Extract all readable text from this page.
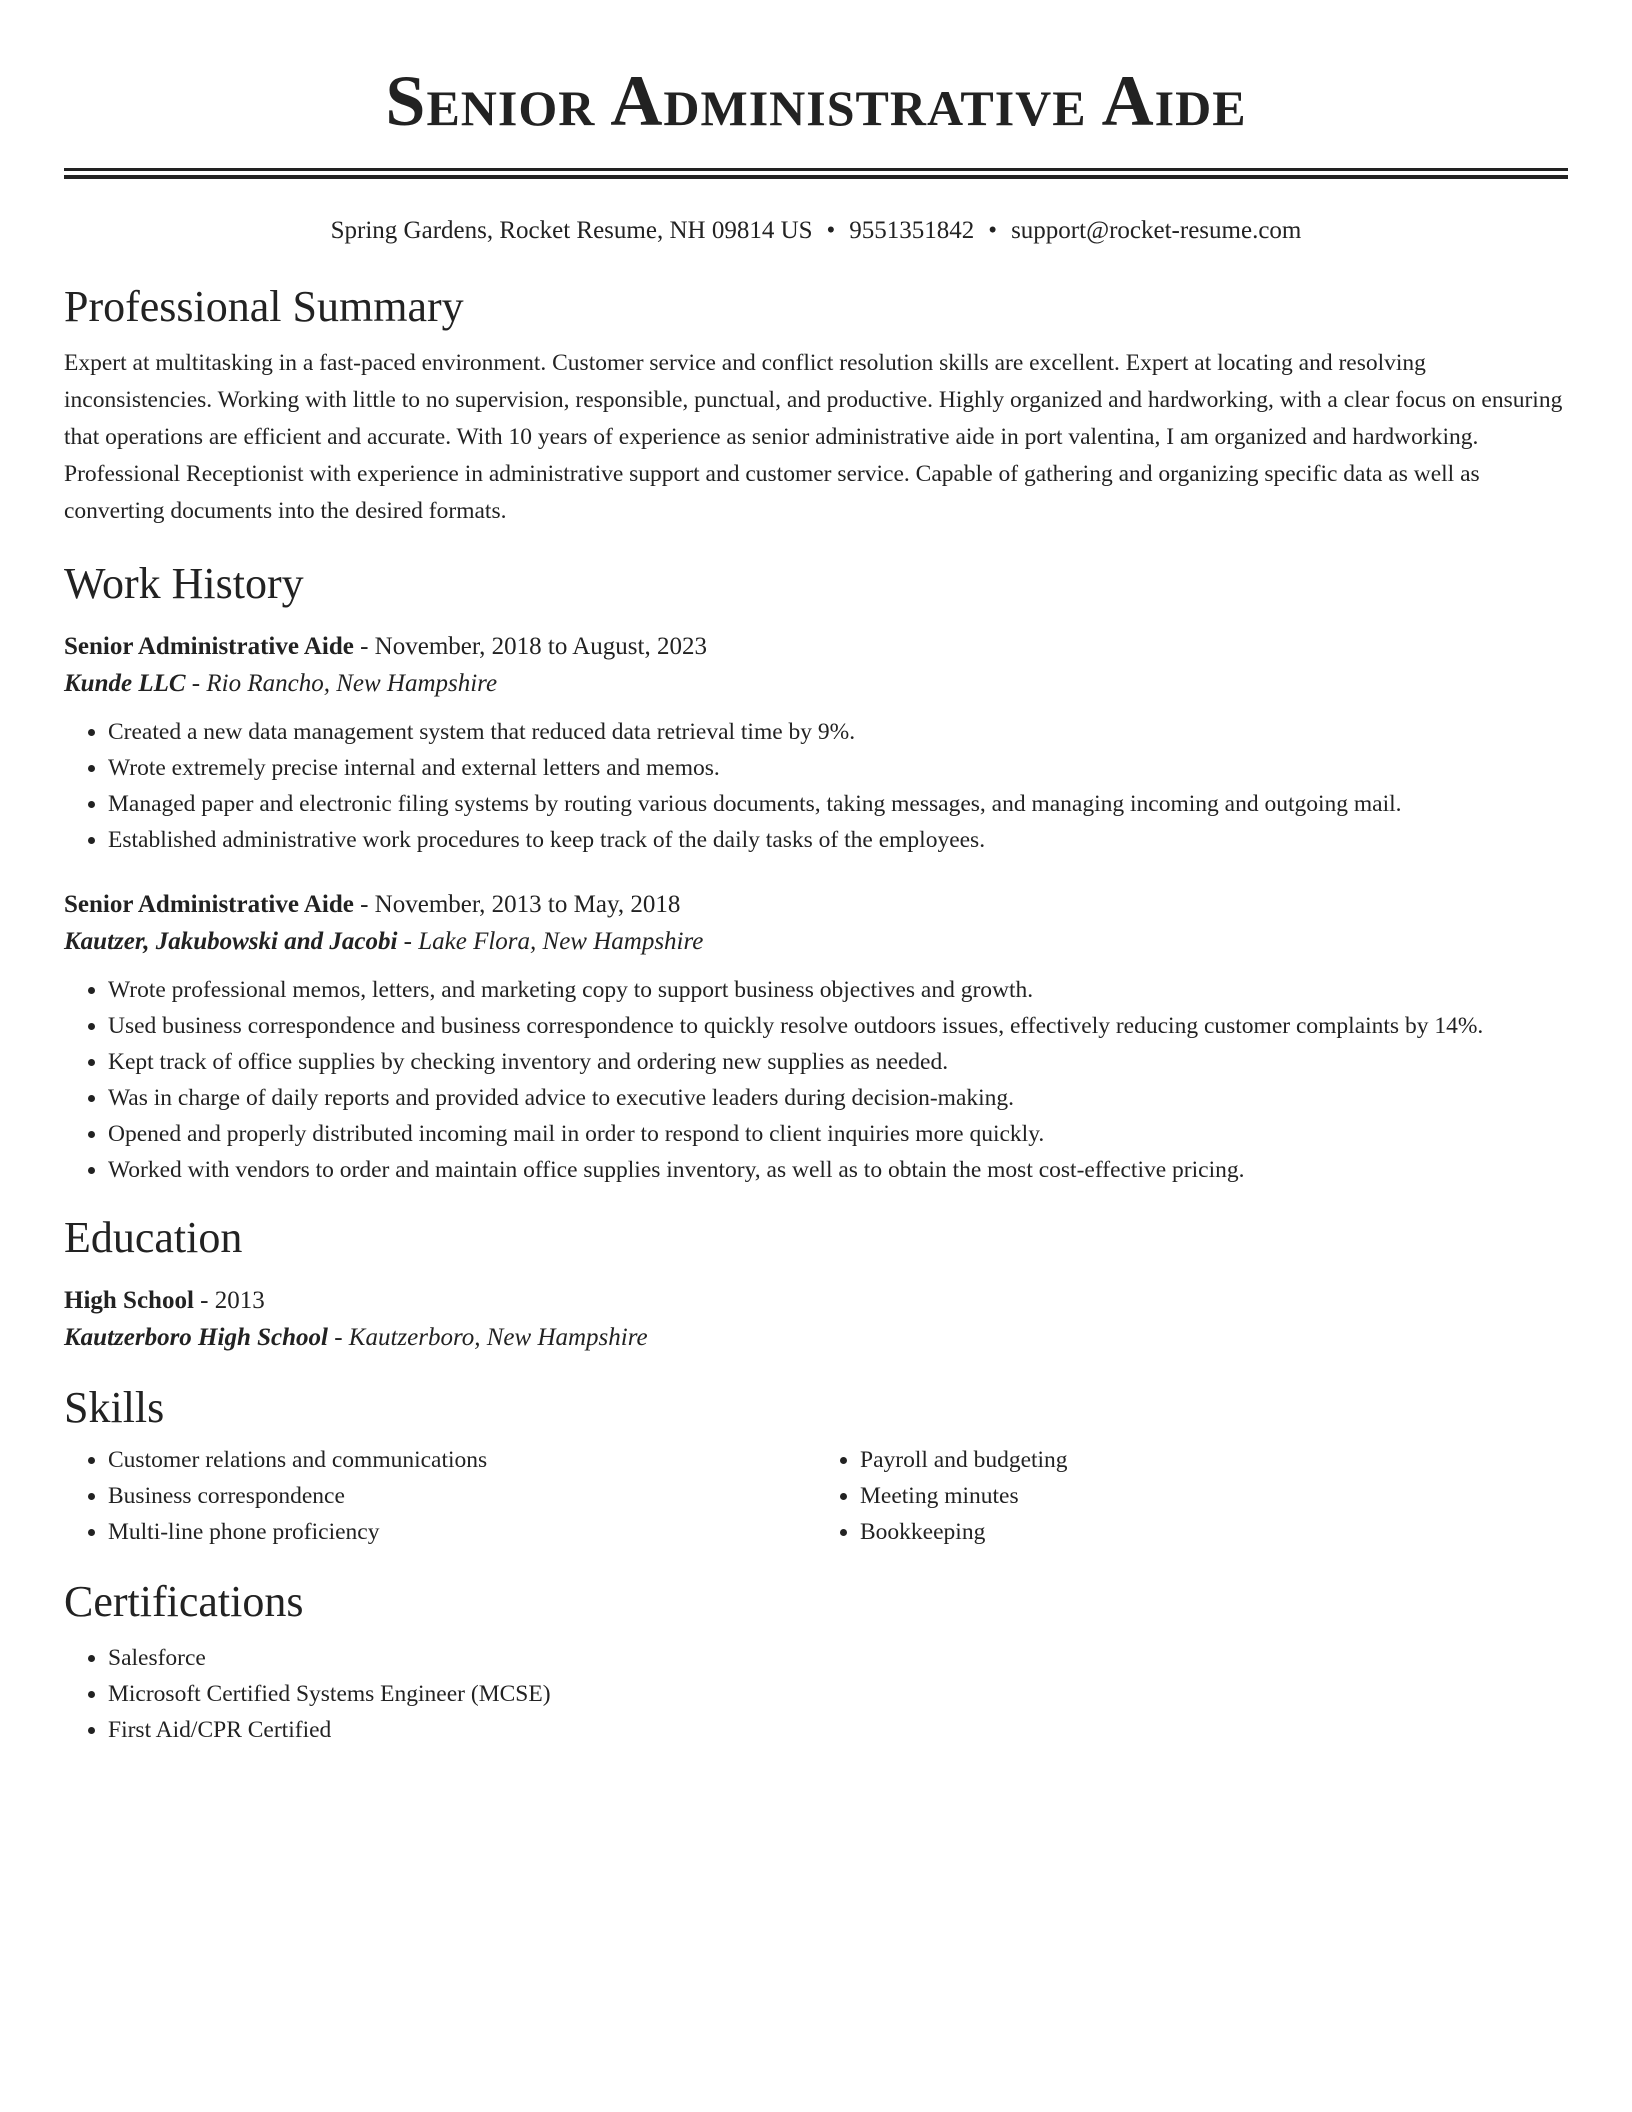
Senior Administrative Aide
Spring Gardens, Rocket Resume, NH 09814 US • 9551351842 • support@rocket-resume.com
Professional Summary
Expert at multitasking in a fast-paced environment. Customer service and conflict resolution skills are excellent. Expert at locating and resolving inconsistencies. Working with little to no supervision, responsible, punctual, and productive. Highly organized and hardworking, with a clear focus on ensuring that operations are efficient and accurate. With 10 years of experience as senior administrative aide in port valentina, I am organized and hardworking. Professional Receptionist with experience in administrative support and customer service. Capable of gathering and organizing specific data as well as converting documents into the desired formats.
Work History
Senior Administrative Aide - November, 2018 to August, 2023
Kunde LLC - Rio Rancho, New Hampshire
• Created a new data management system that reduced data retrieval time by 9%.
• Wrote extremely precise internal and external letters and memos.
• Managed paper and electronic filing systems by routing various documents, taking messages, and managing incoming and outgoing mail.
• Established administrative work procedures to keep track of the daily tasks of the employees.
Senior Administrative Aide - November, 2013 to May, 2018
Kautzer, Jakubowski and Jacobi - Lake Flora, New Hampshire
• Wrote professional memos, letters, and marketing copy to support business objectives and growth.
• Used business correspondence and business correspondence to quickly resolve outdoors issues, effectively reducing customer complaints by 14%.
• Kept track of office supplies by checking inventory and ordering new supplies as needed.
• Was in charge of daily reports and provided advice to executive leaders during decision-making.
• Opened and properly distributed incoming mail in order to respond to client inquiries more quickly.
• Worked with vendors to order and maintain office supplies inventory, as well as to obtain the most cost-effective pricing.
Education
High School - 2013
Kautzerboro High School - Kautzerboro, New Hampshire
Skills
• Customer relations and communications
• Business correspondence
• Multi-line phone proficiency
• Payroll and budgeting
• Meeting minutes
• Bookkeeping
Certifications
• Salesforce
• Microsoft Certified Systems Engineer (MCSE)
• First Aid/CPR Certified
